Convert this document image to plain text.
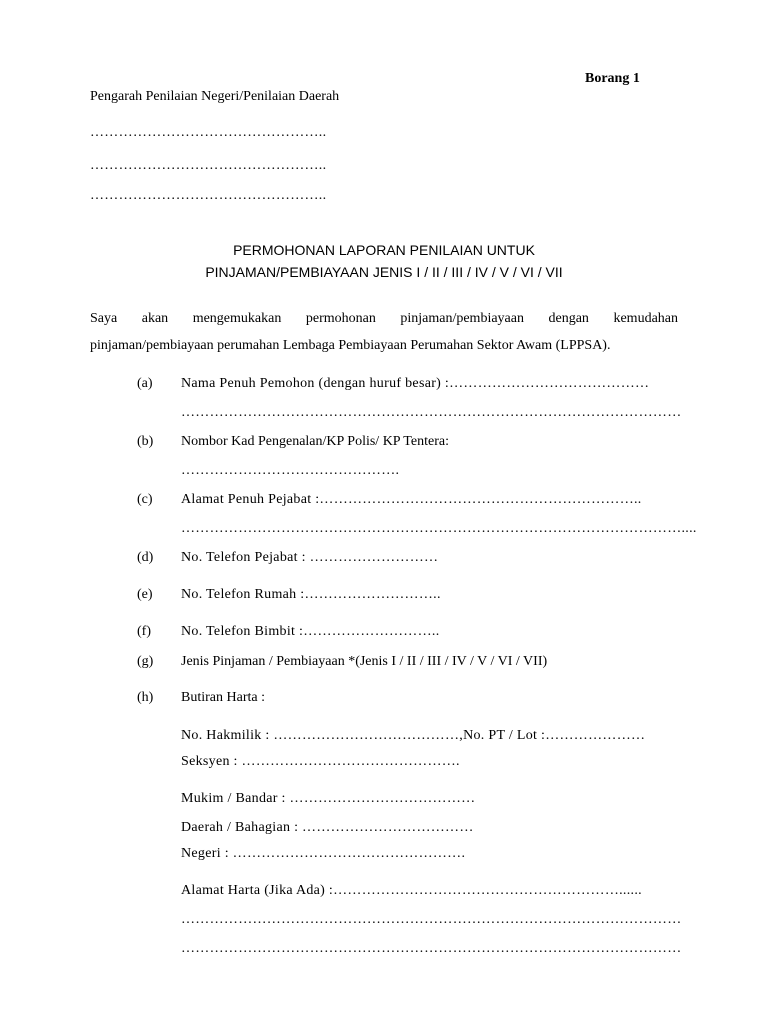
Borang 1
Pengarah Penilaian Negeri/Penilaian Daerah
…………………………………………..
…………………………………………..
…………………………………………..
PERMOHONAN LAPORAN PENILAIAN UNTUK
PINJAMAN/PEMBIAYAAN JENIS I / II / III / IV / V / VI / VII
Saya akan mengemukakan permohonan pinjaman/pembiayaan dengan kemudahan
pinjaman/pembiayaan perumahan Lembaga Pembiayaan Perumahan Sektor Awam (LPPSA).
(a) Nama Penuh Pemohon (dengan huruf besar) :……………………………………
……………………………………………………………………………………………
(b) Nombor Kad Pengenalan/KP Polis/ KP Tentera:
……………………………………….
(c) Alamat Penuh Pejabat :…………………………………………………………..
……………………………………………………………………………………………....
(d) No. Telefon Pejabat : ………………………
(e) No. Telefon Rumah :………………………..
(f) No. Telefon Bimbit :………………………..
(g) Jenis Pinjaman / Pembiayaan *(Jenis I / II / III / IV / V / VI / VII)
(h) Butiran Harta :
No. Hakmilik : …………………………………,No. PT / Lot :…………………
Seksyen : ……………………………………….
Mukim / Bandar : …………………………………
Daerah / Bahagian : ………………………………
Negeri : ………………………………………….
Alamat Harta (Jika Ada) :……………………………………………………......
……………………………………………………………………………………………
……………………………………………………………………………………………
